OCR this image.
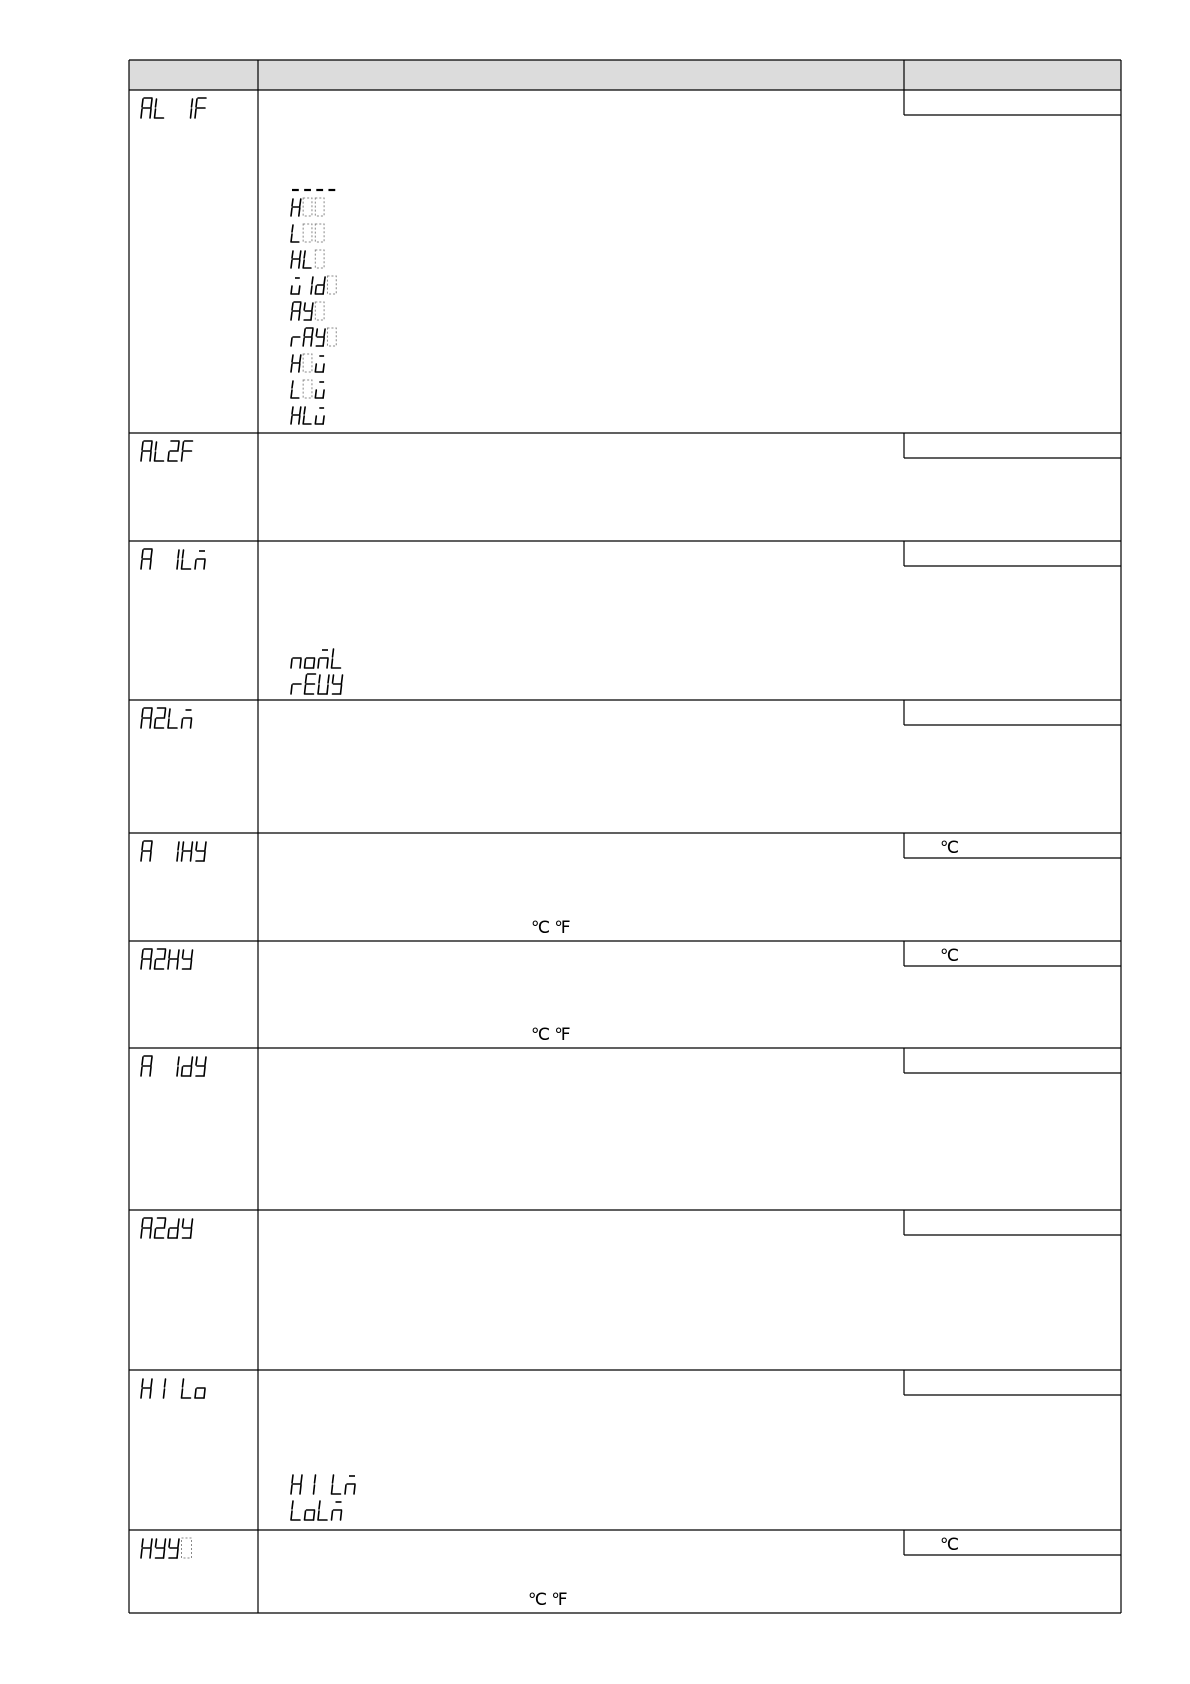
----
℃
℃ ℉
℃
℃ ℉
℃
℃ ℉
